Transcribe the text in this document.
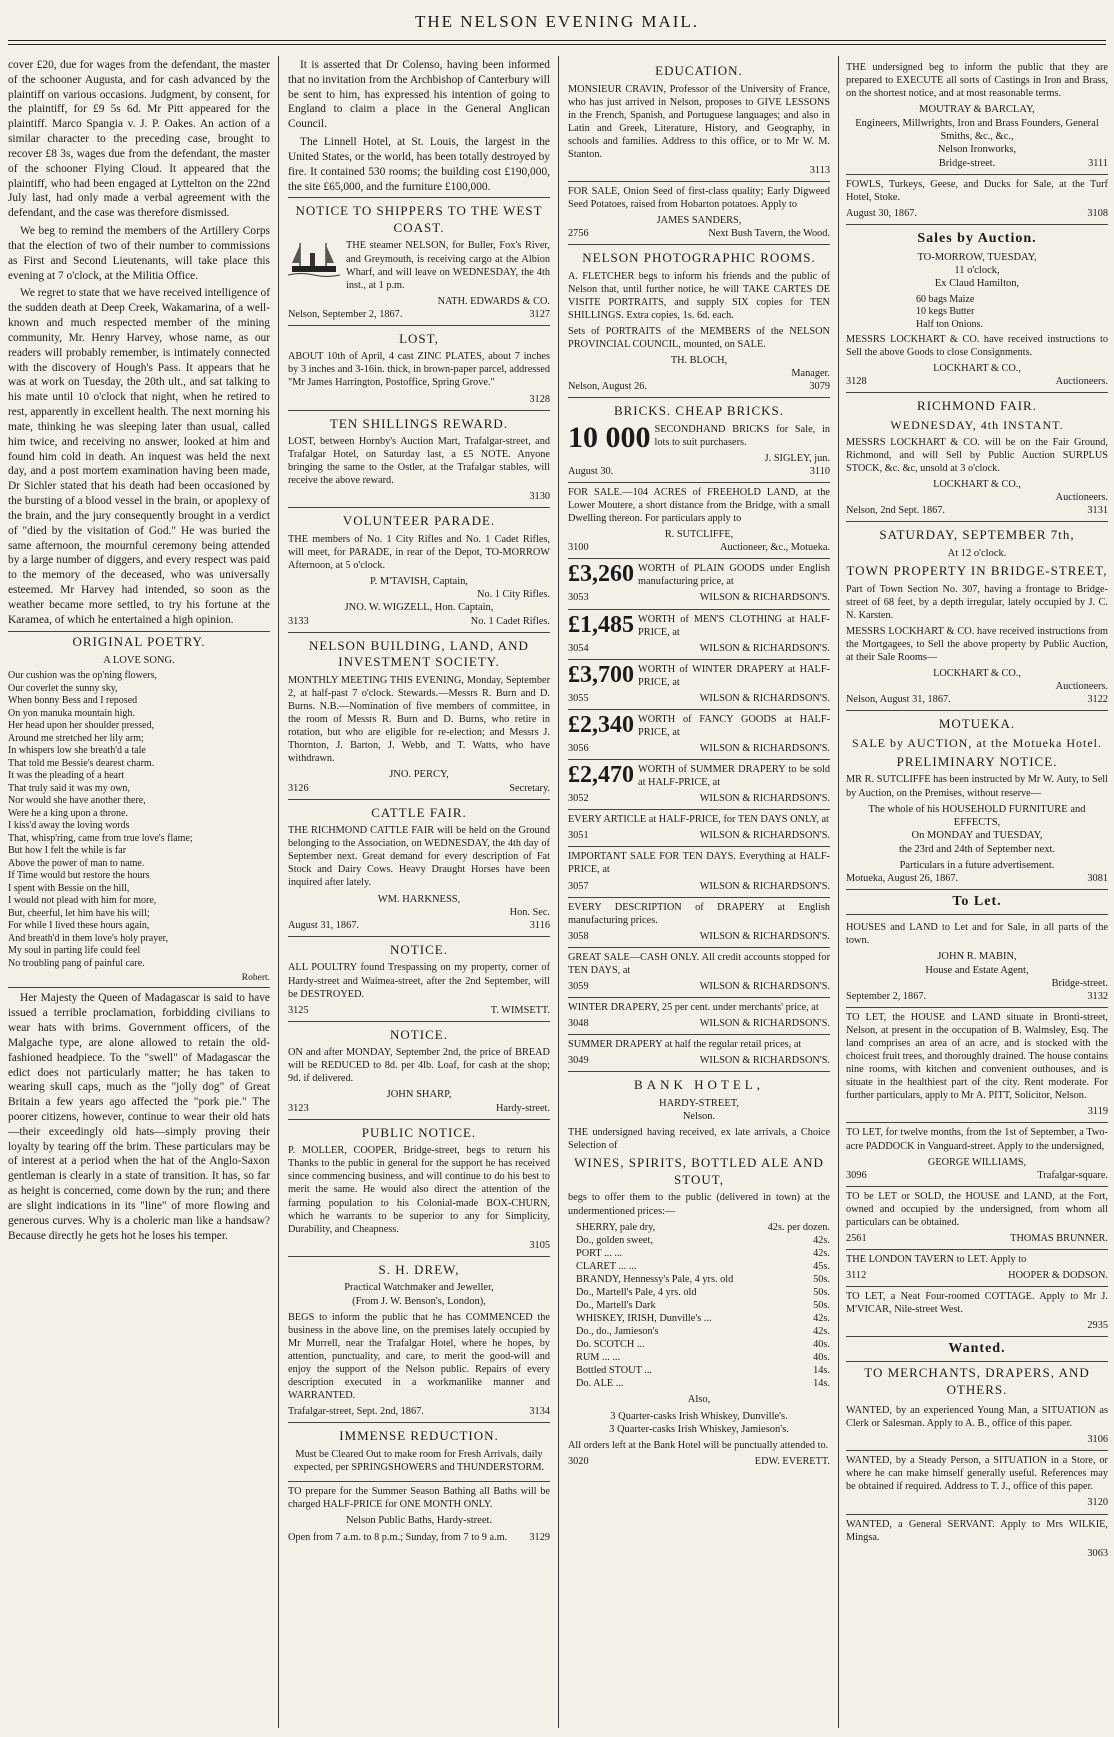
THE NELSON EVENING MAIL.

cover £20, due for wages from the defendant, the master of the schooner Augusta, and for cash advanced by the plaintiff on various occasions. Judgment, by consent, for the plaintiff, for £9 5s 6d. Mr Pitt appeared for the plaintiff. Marco Spangia v. J. P. Oakes. An action of a similar character to the preceding case, brought to recover £8 3s, wages due from the defendant, the master of the schooner Flying Cloud. It appeared that the plaintiff, who had been engaged at Lyttelton on the 22nd July last, had only made a verbal agreement with the defendant, and the case was therefore dismissed.

We beg to remind the members of the Artillery Corps that the election of two of their number to commissions as First and Second Lieutenants, will take place this evening at 7 o'clock, at the Militia Office.

We regret to state that we have received intelligence of the sudden death at Deep Creek, Wakamarina, of a well-known and much respected member of the mining community, Mr. Henry Harvey, whose name, as our readers will probably remember, is intimately connected with the discovery of Hough's Pass. It appears that he was at work on Tuesday, the 20th ult., and sat talking to his mate until 10 o'clock that night, when he retired to rest, apparently in excellent health. The next morning his mate, thinking he was sleeping later than usual, called him twice, and receiving no answer, looked at him and found him cold in death. An inquest was held the next day, and a post mortem examination having been made, Dr Sichler stated that his death had been occasioned by the bursting of a blood vessel in the brain, or apoplexy of the brain, and the jury consequently brought in a verdict of "died by the visitation of God." He was buried the same afternoon, the mournful ceremony being attended by a large number of diggers, and every respect was paid to the memory of the deceased, who was universally esteemed. Mr Harvey had intended, so soon as the weather became more settled, to try his fortune at the Karamea, of which he entertained a high opinion.

ORIGINAL POETRY.
A LOVE SONG.
Our cushion was the op'ning flowers,
Our coverlet the sunny sky,
When bonny Bess and I reposed
On yon manuka mountain high.
Her head upon her shoulder pressed,
Around me stretched her lily arm;
In whispers low she breath'd a tale
That told me Bessie's dearest charm.
It was the pleading of a heart
That truly said it was my own,
Nor would she have another there,
Were he a king upon a throne.
I kiss'd away the loving words
That, whisp'ring, came from true love's flame;
But how I felt the while is far
Above the power of man to name.
If Time would but restore the hours
I spent with Bessie on the hill,
I would not plead with him for more,
But, cheerful, let him have his will;
For while I lived these hours again,
And breath'd in them love's holy prayer,
My soul in parting life could feel
No troubling pang of painful care.

Robert.

Her Majesty the Queen of Madagascar is said to have issued a terrible proclamation, forbidding civilians to wear hats with brims. Government officers, of the Malgache type, are alone allowed to retain the old-fashioned headpiece. To the "swell" of Madagascar the edict does not particularly matter; he has taken to wearing skull caps, much as the "jolly dog" of Great Britain a few years ago affected the "pork pie." The poorer citizens, however, continue to wear their old hats—their exceedingly old hats—simply proving their loyalty by tearing off the brim. These particulars may be of interest at a period when the hat of the Anglo-Saxon gentleman is clearly in a state of transition. It has, so far as height is concerned, come down by the run; and there are slight indications in its "line" of more flowing and generous curves. Why is a choleric man like a handsaw? Because directly he gets hot he loses his temper.

It is asserted that Dr Colenso, having been informed that no invitation from the Archbishop of Canterbury will be sent to him, has expressed his intention of going to England to claim a place in the General Anglican Council.

The Linnell Hotel, at St. Louis, the largest in the United States, or the world, has been totally destroyed by fire. It contained 530 rooms; the building cost £190,000, the site £65,000, and the furniture £100,000.

NOTICE TO SHIPPERS TO THE WEST COAST.

THE steamer NELSON, for Buller, Fox's River, and Greymouth, is receiving cargo at the Albion Wharf, and will leave on WEDNESDAY, the 4th inst., at 1 p.m.

NATH. EDWARDS & CO.

Nelson, September 2, 1867.	3127
LOST,

ABOUT 10th of April, 4 cast ZINC PLATES, about 7 inches by 3 inches and 3-16in. thick, in brown-paper parcel, addressed "Mr James Harrington, Postoffice, Spring Grove."

3128
TEN SHILLINGS REWARD.

LOST, between Hornby's Auction Mart, Trafalgar-street, and Trafalgar Hotel, on Saturday last, a £5 NOTE. Anyone bringing the same to the Ostler, at the Trafalgar stables, will receive the above reward.

3130
VOLUNTEER PARADE.

THE members of No. 1 City Rifles and No. 1 Cadet Rifles, will meet, for PARADE, in rear of the Depot, TO-MORROW Afternoon, at 5 o'clock.

P. M'TAVISH, Captain,

No. 1 City Rifles.

JNO. W. WIGZELL, Hon. Captain,

3133	No. 1 Cadet Rifles.
NELSON BUILDING, LAND, AND INVESTMENT SOCIETY.

MONTHLY MEETING THIS EVENING, Monday, September 2, at half-past 7 o'clock. Stewards.—Messrs R. Burn and D. Burns. N.B.—Nomination of five members of committee, in the room of Messrs R. Burn and D. Burns, who retire in rotation, but who are eligible for re-election; and Messrs J. Thornton, J. Barton, J. Webb, and T. Watts, who have withdrawn.

JNO. PERCY,

3126	Secretary.
CATTLE FAIR.

THE RICHMOND CATTLE FAIR will be held on the Ground belonging to the Association, on WEDNESDAY, the 4th day of September next. Great demand for every description of Fat Stock and Dairy Cows. Heavy Draught Horses have been inquired after lately.

WM. HARKNESS,

Hon. Sec.

August 31, 1867.	3116
NOTICE.

ALL POULTRY found Trespassing on my property, corner of Hardy-street and Waimea-street, after the 2nd September, will be DESTROYED.

3125	T. WIMSETT.
NOTICE.

ON and after MONDAY, September 2nd, the price of BREAD will be REDUCED to 8d. per 4lb. Loaf, for cash at the shop; 9d. if delivered.

JOHN SHARP,

3123	Hardy-street.
PUBLIC NOTICE.

P. MOLLER, COOPER, Bridge-street, begs to return his Thanks to the public in general for the support he has received since commencing business, and will continue to do his best to merit the same. He would also direct the attention of the farming population to his Colonial-made BOX-CHURN, which he warrants to be superior to any for Simplicity, Durability, and Cheapness.

3105
S. H. DREW,
Practical Watchmaker and Jeweller,
(From J. W. Benson's, London),

BEGS to inform the public that he has COMMENCED the business in the above line, on the premises lately occupied by Mr Murrell, near the Trafalgar Hotel, where he hopes, by attention, punctuality, and care, to merit the good-will and enjoy the support of the Nelson public. Repairs of every description executed in a workmanlike manner and WARRANTED.

Trafalgar-street, Sept. 2nd, 1867.	3134
IMMENSE REDUCTION.

Must be Cleared Out to make room for Fresh Arrivals, daily expected, per SPRINGSHOWERS and THUNDERSTORM.

TO prepare for the Summer Season Bathing all Baths will be charged HALF-PRICE for ONE MONTH ONLY.

Nelson Public Baths, Hardy-street.
Open from 7 a.m. to 8 p.m.; Sunday, from 7 to 9 a.m. 3129
EDUCATION.

MONSIEUR CRAVIN, Professor of the University of France, who has just arrived in Nelson, proposes to GIVE LESSONS in the French, Spanish, and Portuguese languages; and also in Latin and Greek, Literature, History, and Geography, in schools and families. Address to this office, or to Mr W. M. Stanton.

3113

FOR SALE, Onion Seed of first-class quality; Early Digweed Seed Potatoes, raised from Hobarton potatoes. Apply to

JAMES SANDERS,

2756	Next Bush Tavern, the Wood.
NELSON PHOTOGRAPHIC ROOMS.

A. FLETCHER begs to inform his friends and the public of Nelson that, until further notice, he will TAKE CARTES DE VISITE PORTRAITS, and supply SIX copies for TEN SHILLINGS. Extra copies, 1s. 6d. each.

Sets of PORTRAITS of the MEMBERS of the NELSON PROVINCIAL COUNCIL, mounted, on SALE.

TH. BLOCH,

Manager.

Nelson, August 26.	3079
BRICKS. CHEAP BRICKS.
10 000 SECONDHAND BRICKS for Sale, in lots to suit purchasers.

J. SIGLEY, jun.

August 30.	3110

FOR SALE.—104 ACRES of FREEHOLD LAND, at the Lower Moutere, a short distance from the Bridge, with a small Dwelling thereon. For particulars apply to

R. SUTCLIFFE,

3100	Auctioneer, &c., Motueka.
£3,260 WORTH of PLAIN GOODS under English manufacturing price, at

3053	WILSON & RICHARDSON'S.
£1,485 WORTH of MEN'S CLOTHING at HALF-PRICE, at

3054	WILSON & RICHARDSON'S.
£3,700 WORTH of WINTER DRAPERY at HALF-PRICE, at

3055	WILSON & RICHARDSON'S.
£2,340 WORTH of FANCY GOODS at HALF-PRICE, at

3056	WILSON & RICHARDSON'S.
£2,470 WORTH of SUMMER DRAPERY to be sold at HALF-PRICE, at

3052	WILSON & RICHARDSON'S.

EVERY ARTICLE at HALF-PRICE, for TEN DAYS ONLY, at

3051	WILSON & RICHARDSON'S.

IMPORTANT SALE FOR TEN DAYS. Everything at HALF-PRICE, at

3057	WILSON & RICHARDSON'S.

EVERY DESCRIPTION of DRAPERY at English manufacturing prices.

3058	WILSON & RICHARDSON'S.

GREAT SALE—CASH ONLY. All credit accounts stopped for TEN DAYS, at

3059	WILSON & RICHARDSON'S.

WINTER DRAPERY, 25 per cent. under merchants' price, at

3048	WILSON & RICHARDSON'S.

SUMMER DRAPERY at half the regular retail prices, at

3049	WILSON & RICHARDSON'S.
BANK HOTEL,
HARDY-STREET,
Nelson.

THE undersigned having received, ex late arrivals, a Choice Selection of

WINES, SPIRITS, BOTTLED ALE AND STOUT,

begs to offer them to the public (delivered in town) at the undermentioned prices:—

SHERRY, pale dry,	42s. per dozen.
Do., golden sweet,	42s.
PORT ... ...	42s.
CLARET ... ...	45s.
BRANDY, Hennessy's Pale, 4 yrs. old	50s.
Do., Martell's Pale, 4 yrs. old	50s.
Do., Martell's Dark	50s.
WHISKEY, IRISH, Dunville's ...	42s.
Do., do., Jamieson's	42s.
Do. SCOTCH ...	40s.
RUM ... ...	40s.
Bottled STOUT ...	14s.
Do. ALE ...	14s.
Also,
3 Quarter-casks Irish Whiskey, Dunville's.
3 Quarter-casks Irish Whiskey, Jamieson's.

All orders left at the Bank Hotel will be punctually attended to.

3020	EDW. EVERETT.

THE undersigned beg to inform the public that they are prepared to EXECUTE all sorts of Castings in Iron and Brass, on the shortest notice, and at most reasonable terms.

MOUTRAY & BARCLAY,
Engineers, Millwrights, Iron and Brass Founders, General Smiths, &c., &c.,
Nelson Ironworks,
Bridge-street.	3111

FOWLS, Turkeys, Geese, and Ducks for Sale, at the Turf Hotel, Stoke.

August 30, 1867.	3108
Sales by Auction.
TO-MORROW, TUESDAY,
11 o'clock,
Ex Claud Hamilton,
60 bags Maize
10 kegs Butter
Half ton Onions.

MESSRS LOCKHART & CO. have received instructions to Sell the above Goods to close Consignments.

LOCKHART & CO.,

3128	Auctioneers.
RICHMOND FAIR.
WEDNESDAY, 4th INSTANT.

MESSRS LOCKHART & CO. will be on the Fair Ground, Richmond, and will Sell by Public Auction SURPLUS STOCK, &c. &c, unsold at 3 o'clock.

LOCKHART & CO.,

Auctioneers.

Nelson, 2nd Sept. 1867.	3131
SATURDAY, SEPTEMBER 7th,
At 12 o'clock.
TOWN PROPERTY IN BRIDGE-STREET,

Part of Town Section No. 307, having a frontage to Bridge-street of 68 feet, by a depth irregular, lately occupied by J. C. N. Karsten.

MESSRS LOCKHART & CO. have received instructions from the Mortgagees, to Sell the above property by Public Auction, at their Sale Rooms—

LOCKHART & CO.,

Auctioneers.

Nelson, August 31, 1867.	3122
MOTUEKA.
SALE by AUCTION, at the Motueka Hotel.
PRELIMINARY NOTICE.

MR R. SUTCLIFFE has been instructed by Mr W. Auty, to Sell by Auction, on the Premises, without reserve—

The whole of his HOUSEHOLD FURNITURE and EFFECTS,
On MONDAY and TUESDAY,
the 23rd and 24th of September next.
Particulars in a future advertisement.
Motueka, August 26, 1867.	3081
To Let.

HOUSES and LAND to Let and for Sale, in all parts of the town.

JOHN R. MABIN,
House and Estate Agent,

Bridge-street.

September 2, 1867.	3132

TO LET, the HOUSE and LAND situate in Bronti-street, Nelson, at present in the occupation of B. Walmsley, Esq. The land comprises an area of an acre, and is stocked with the choicest fruit trees, and thoroughly drained. The house contains nine rooms, with kitchen and convenient outhouses, and is situate in the healthiest part of the city. Rent moderate. For further particulars, apply to Mr A. PITT, Solicitor, Nelson.

3119

TO LET, for twelve months, from the 1st of September, a Two-acre PADDOCK in Vanguard-street. Apply to the undersigned,

GEORGE WILLIAMS,

3096	Trafalgar-square.

TO be LET or SOLD, the HOUSE and LAND, at the Fort, owned and occupied by the undersigned, from whom all particulars can be obtained.

2561	THOMAS BRUNNER.

THE LONDON TAVERN to LET. Apply to

3112	HOOPER & DODSON.

TO LET, a Neat Four-roomed COTTAGE. Apply to Mr J. M'VICAR, Nile-street West.

2935
Wanted.
TO MERCHANTS, DRAPERS, AND OTHERS.

WANTED, by an experienced Young Man, a SITUATION as Clerk or Salesman. Apply to A. B., office of this paper.

3106

WANTED, by a Steady Person, a SITUATION in a Store, or where he can make himself generally useful. References may be obtained if required. Address to T. J., office of this paper.

3120

WANTED, a General SERVANT. Apply to Mrs WILKIE, Mingsa.

3063
